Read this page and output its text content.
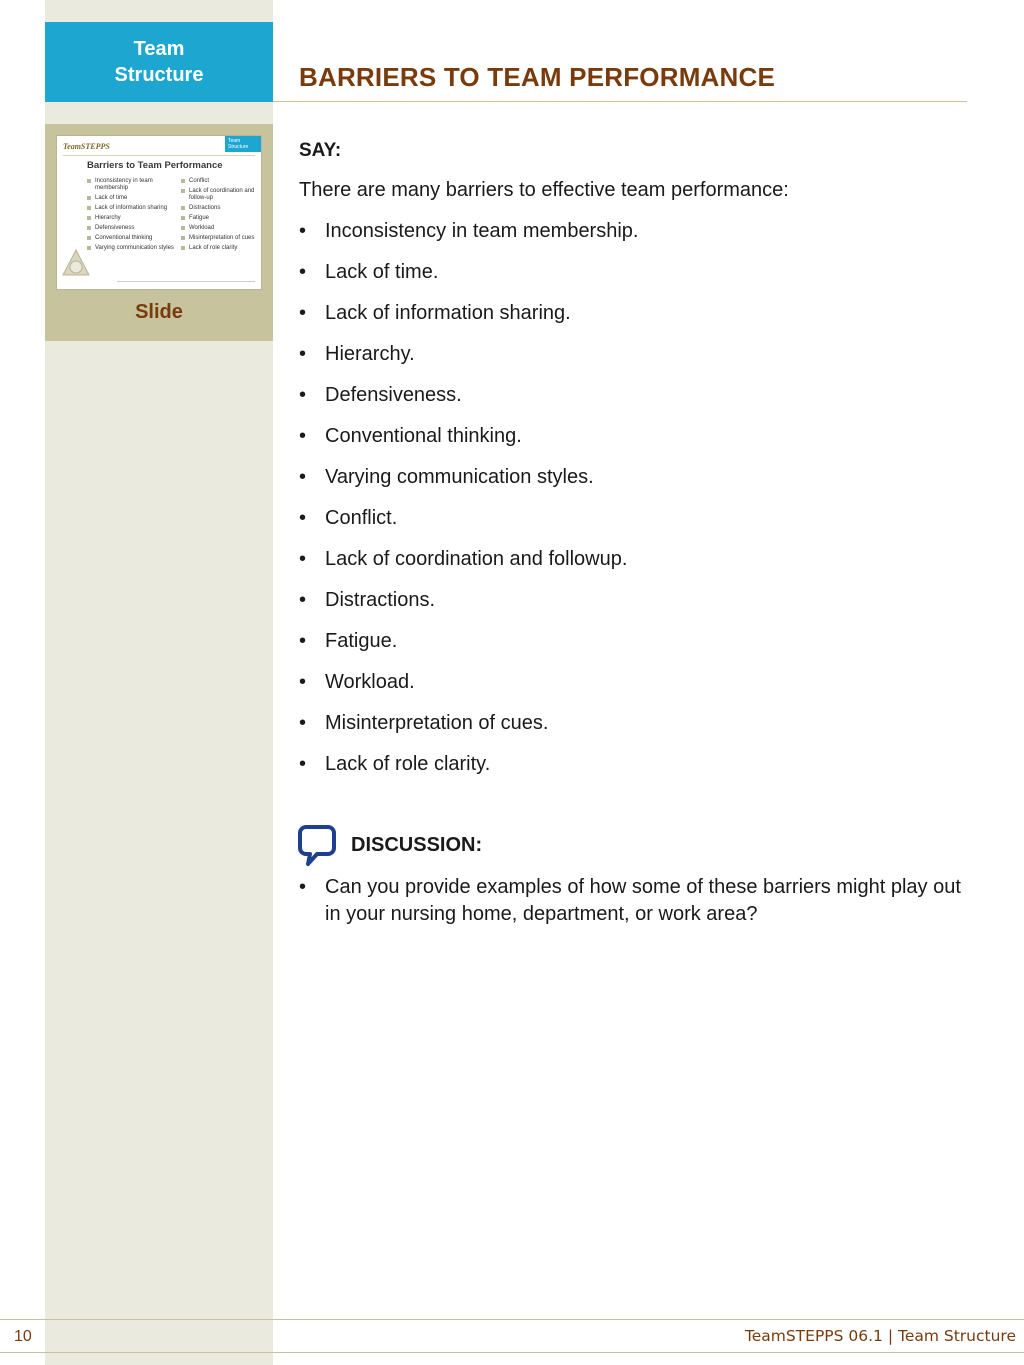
Team
Structure
TeamSTEPPS
Team
Structure
Barriers to Team Performance
Inconsistency in team membership
Lack of time
Lack of information sharing
Hierarchy
Defensiveness
Conventional thinking
Varying communication styles
Conflict
Lack of coordination and follow-up
Distractions
Fatigue
Workload
Misinterpretation of cues
Lack of role clarity
Slide
BARRIERS TO TEAM PERFORMANCE
SAY:
There are many barriers to effective team performance:
• Inconsistency in team membership.
• Lack of time.
• Lack of information sharing.
• Hierarchy.
• Defensiveness.
• Conventional thinking.
• Varying communication styles.
• Conflict.
• Lack of coordination and followup.
• Distractions.
• Fatigue.
• Workload.
• Misinterpretation of cues.
• Lack of role clarity.
DISCUSSION:
• Can you provide examples of how some of these barriers might play out in your nursing home, department, or work area?
10	TeamSTEPPS 06.1 | Team Structure
